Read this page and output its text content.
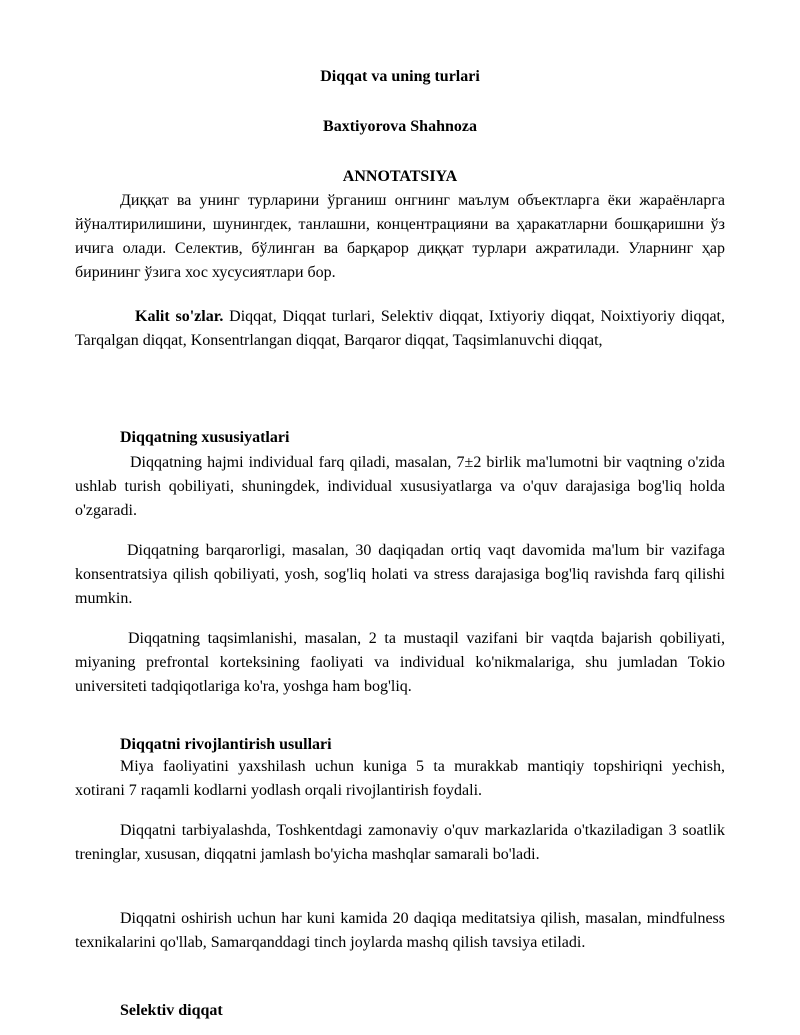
Diqqat va uning turlari
Baxtiyorova Shahnoza
ANNOTATSIYA
Диққат ва унинг турларини ўрганиш онгнинг маълум объектларга ёки жараёнларга йўналтирилишини, шунингдек, танлашни, концентрацияни ва ҳаракатларни бошқаришни ўз ичига олади. Селектив, бўлинган ва барқарор диққат турлари ажратилади. Уларнинг ҳар бирининг ўзига хос хусусиятлари бор.
Kalit so'zlar. Diqqat, Diqqat turlari, Selektiv diqqat, Ixtiyoriy diqqat, Noixtiyoriy diqqat, Tarqalgan diqqat, Konsentrlangan diqqat, Barqaror diqqat, Taqsimlanuvchi diqqat,
Diqqatning xususiyatlari
Diqqatning hajmi individual farq qiladi, masalan, 7±2 birlik ma'lumotni bir vaqtning o'zida ushlab turish qobiliyati, shuningdek, individual xususiyatlarga va o'quv darajasiga bog'liq holda o'zgaradi.
Diqqatning barqarorligi, masalan, 30 daqiqadan ortiq vaqt davomida ma'lum bir vazifaga konsentratsiya qilish qobiliyati, yosh, sog'liq holati va stress darajasiga bog'liq ravishda farq qilishi mumkin.
Diqqatning taqsimlanishi, masalan, 2 ta mustaqil vazifani bir vaqtda bajarish qobiliyati, miyaning prefrontal korteksining faoliyati va individual ko'nikmalariga, shu jumladan Tokio universiteti tadqiqotlariga ko'ra, yoshga ham bog'liq.
Diqqatni rivojlantirish usullari
Miya faoliyatini yaxshilash uchun kuniga 5 ta murakkab mantiqiy topshiriqni yechish, xotirani 7 raqamli kodlarni yodlash orqali rivojlantirish foydali.
Diqqatni tarbiyalashda, Toshkentdagi zamonaviy o'quv markazlarida o'tkaziladigan 3 soatlik treninglar, xususan, diqqatni jamlash bo'yicha mashqlar samarali bo'ladi.
Diqqatni oshirish uchun har kuni kamida 20 daqiqa meditatsiya qilish, masalan, mindfulness texnikalarini qo'llab, Samarqanddagi tinch joylarda mashq qilish tavsiya etiladi.
Selektiv diqqat
